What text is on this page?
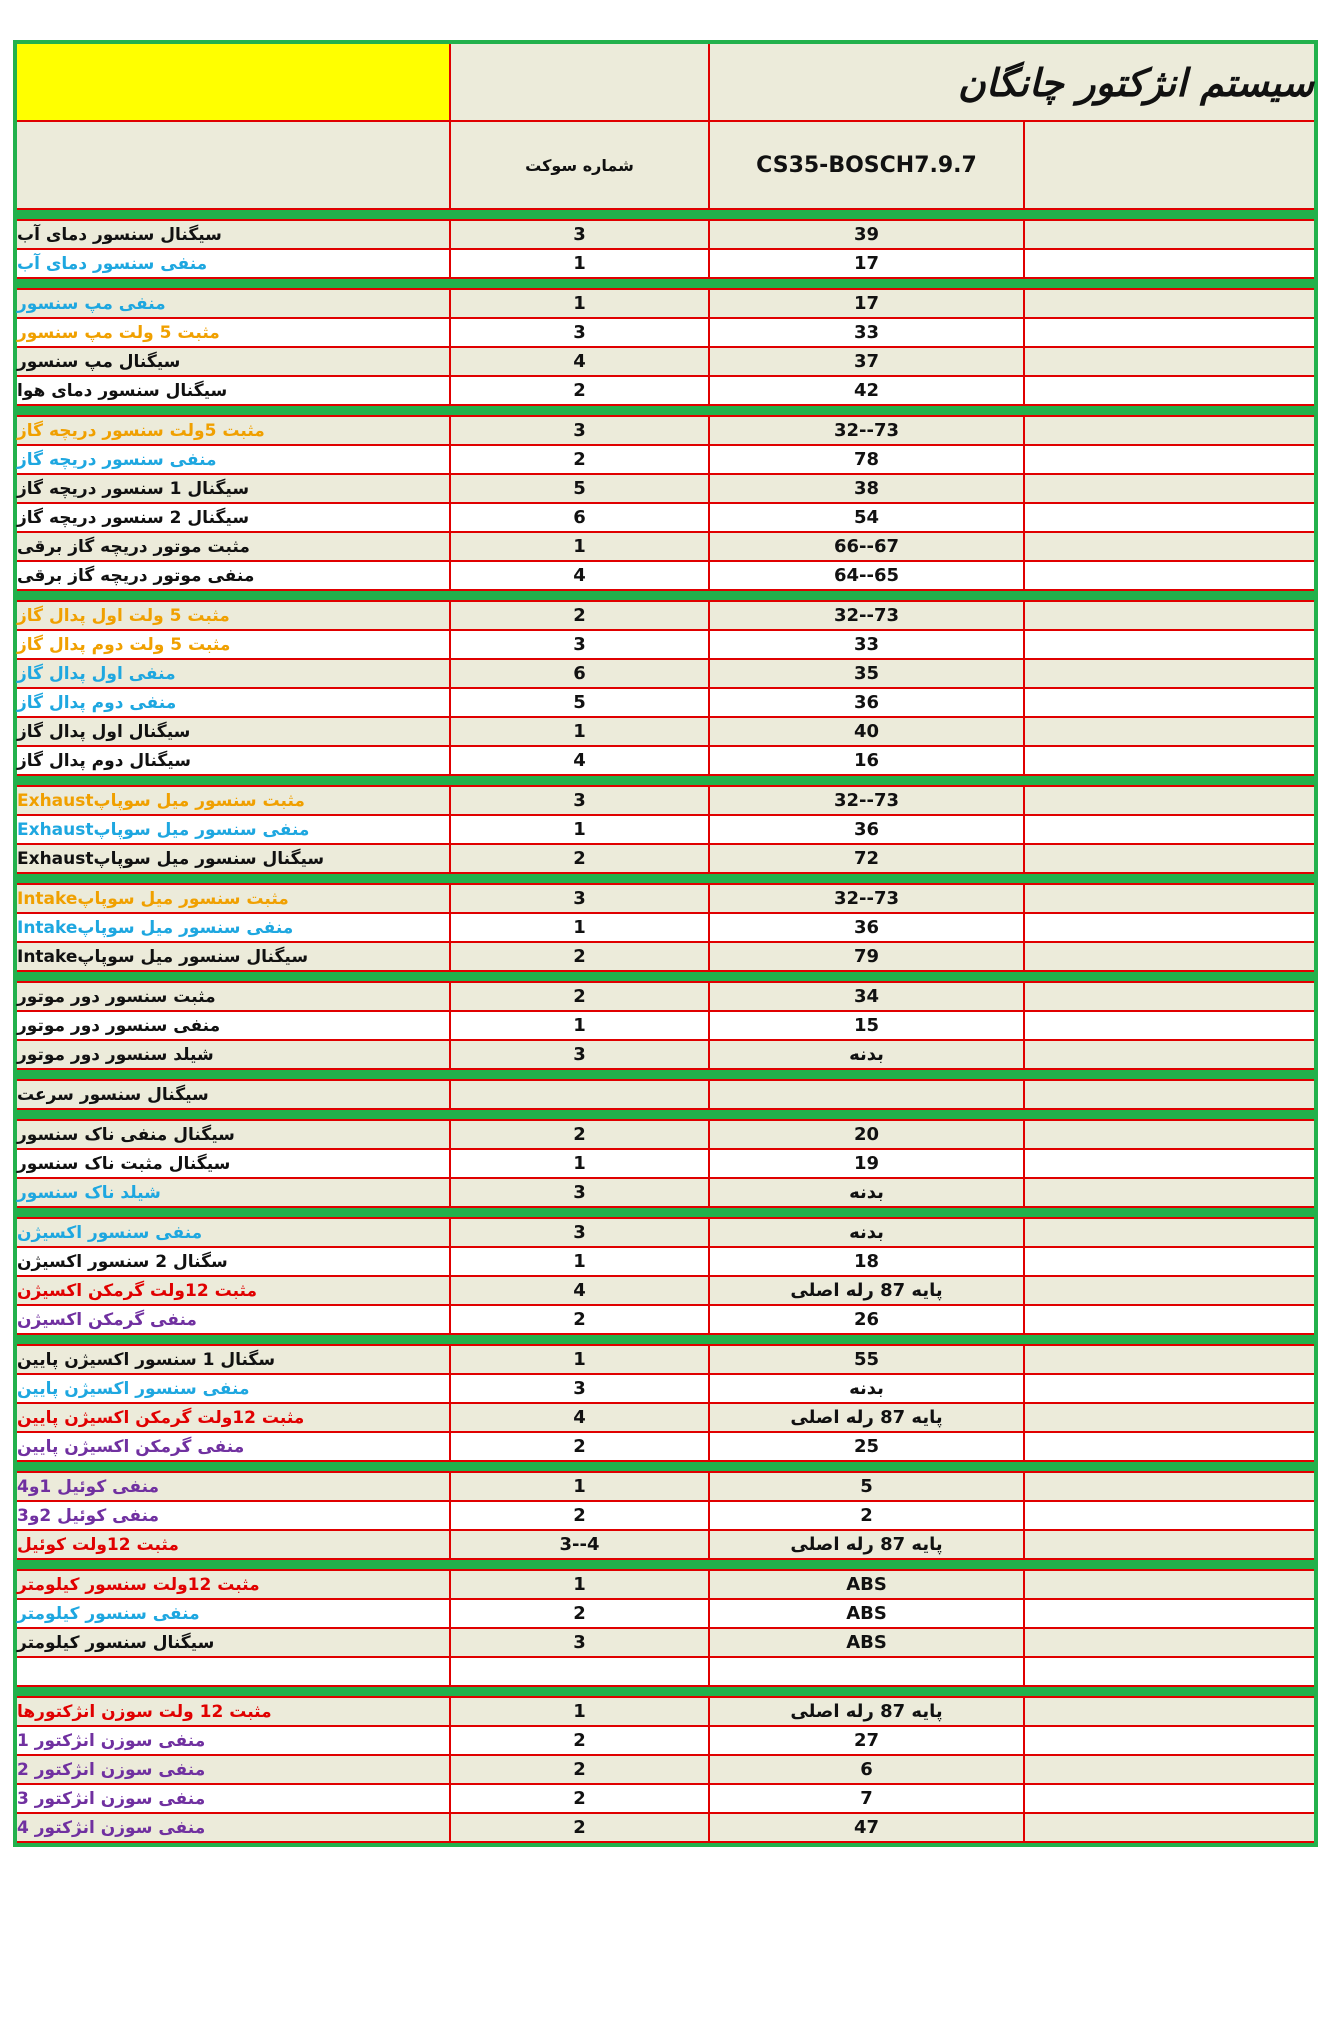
سیستم انژکتور چانگان
شماره سوکت	CS35-BOSCH7.9.7
سیگنال سنسور دمای آب	3	39
منفی سنسور دمای آب	1	17
منفی مپ سنسور	1	17
مثبت 5 ولت مپ سنسور	3	33
سیگنال مپ سنسور	4	37
سیگنال سنسور دمای هوا	2	42
مثبت 5ولت سنسور دریچه گاز	3	32--73
منفی سنسور دریچه گاز	2	78
سیگنال 1 سنسور دریچه گاز	5	38
سیگنال 2 سنسور دریچه گاز	6	54
مثبت موتور دریچه گاز برقی	1	66--67
منفی موتور دریچه گاز برقی	4	64--65
مثبت 5 ولت اول پدال گاز	2	32--73
مثبت 5 ولت دوم پدال گاز	3	33
منفی اول پدال گاز	6	35
منفی دوم پدال گاز	5	36
سیگنال اول پدال گاز	1	40
سیگنال دوم پدال گاز	4	16
مثبت سنسور میل سوپاپExhaust	3	32--73
منفی سنسور میل سوپاپExhaust	1	36
سیگنال سنسور میل سوپاپExhaust	2	72
مثبت سنسور میل سوپاپIntake	3	32--73
منفی سنسور میل سوپاپIntake	1	36
سیگنال سنسور میل سوپاپIntake	2	79
مثبت سنسور دور موتور	2	34
منفی سنسور دور موتور	1	15
شیلد سنسور دور موتور	3	بدنه
سیگنال سنسور سرعت
سیگنال منفی ناک سنسور	2	20
سیگنال مثبت ناک سنسور	1	19
شیلد ناک سنسور	3	بدنه
منفی سنسور اکسیژن	3	بدنه
سگنال 2 سنسور اکسیژن	1	18
مثبت 12ولت گرمکن اکسیژن	4	پایه 87 رله اصلی
منفی گرمکن اکسیژن	2	26
سگنال 1 سنسور اکسیژن پایین	1	55
منفی سنسور اکسیژن پایین	3	بدنه
مثبت 12ولت گرمکن اکسیژن پایین	4	پایه 87 رله اصلی
منفی گرمکن اکسیژن پایین	2	25
منفی کوئیل 1و4	1	5
منفی کوئیل 2و3	2	2
مثبت 12ولت کوئیل	3--4	پایه 87 رله اصلی
مثبت 12ولت سنسور کیلومتر	1	ABS
منفی سنسور کیلومتر	2	ABS
سیگنال سنسور کیلومتر	3	ABS
مثبت 12 ولت سوزن انژکتورها	1	پایه 87 رله اصلی
منفی سوزن انژکتور 1	2	27
منفی سوزن انژکتور 2	2	6
منفی سوزن انژکتور 3	2	7
منفی سوزن انژکتور 4	2	47
